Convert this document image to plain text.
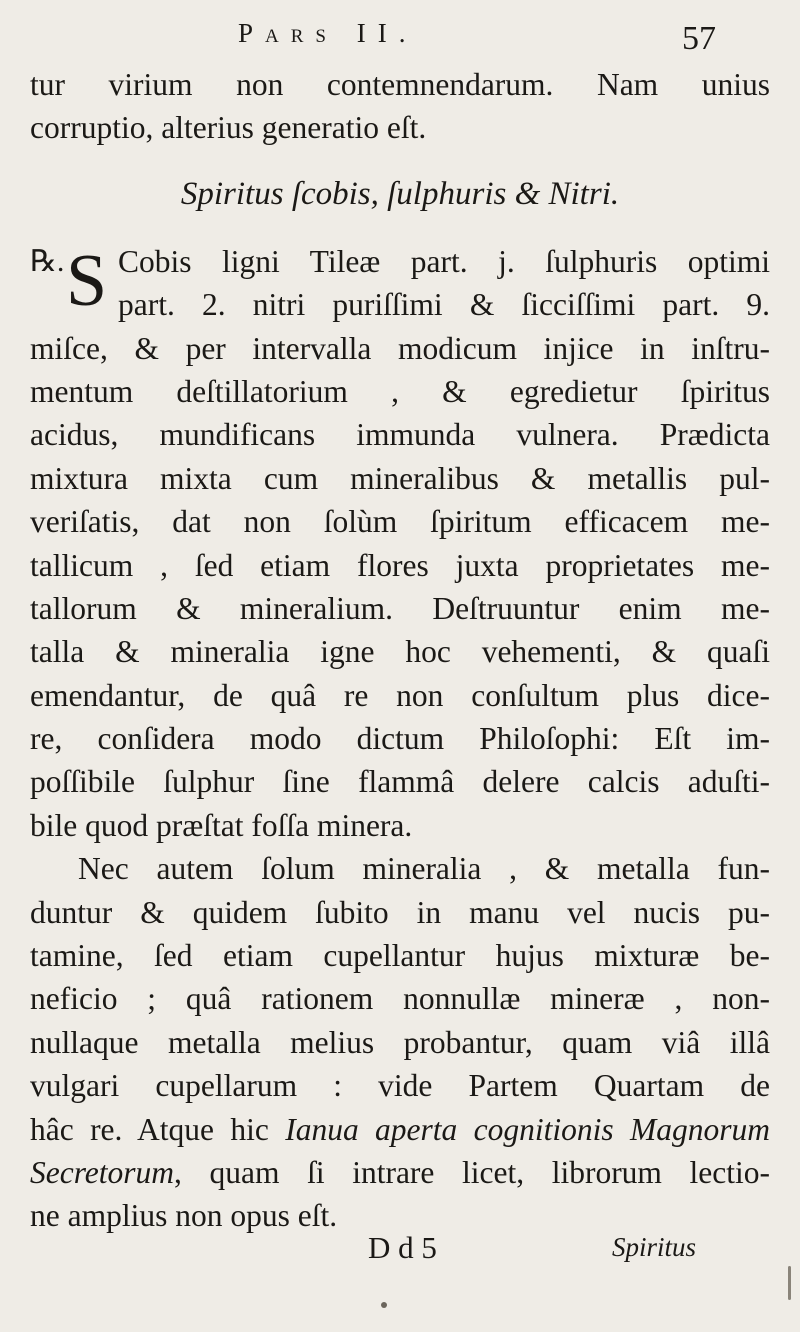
Pars II.	57
tur virium non contemnendarum. Nam unius
corruptio, alterius generatio eſt.
Spiritus ſcobis, ſulphuris & Nitri.
℞. S Cobis ligni Tileæ part. j. ſulphuris optimi
part. 2. nitri puriſſimi & ſicciſſimi part. 9.
miſce, & per intervalla modicum injice in inſtru-
mentum deſtillatorium , & egredietur ſpiritus
acidus, mundificans immunda vulnera. Prædicta
mixtura mixta cum mineralibus & metallis pul-
veriſatis, dat non ſolùm ſpiritum efficacem me-
tallicum , ſed etiam flores juxta proprietates me-
tallorum & mineralium. Deſtruuntur enim me-
talla & mineralia igne hoc vehementi, & quaſi
emendantur, de quâ re non conſultum plus dice-
re, conſidera modo dictum Philoſophi: Eſt im-
poſſibile ſulphur ſine flammâ delere calcis aduſti-
bile quod præſtat foſſa minera.
Nec autem ſolum mineralia , & metalla fun-
duntur & quidem ſubito in manu vel nucis pu-
tamine, ſed etiam cupellantur hujus mixturæ be-
neficio ; quâ rationem nonnullæ mineræ , non-
nullaque metalla melius probantur, quam viâ illâ
vulgari cupellarum : vide Partem Quartam de
hâc re. Atque hic Ianua aperta cognitionis Magnorum
Secretorum, quam ſi intrare licet, librorum lectio-
ne amplius non opus eſt.
D d 5	Spiritus
